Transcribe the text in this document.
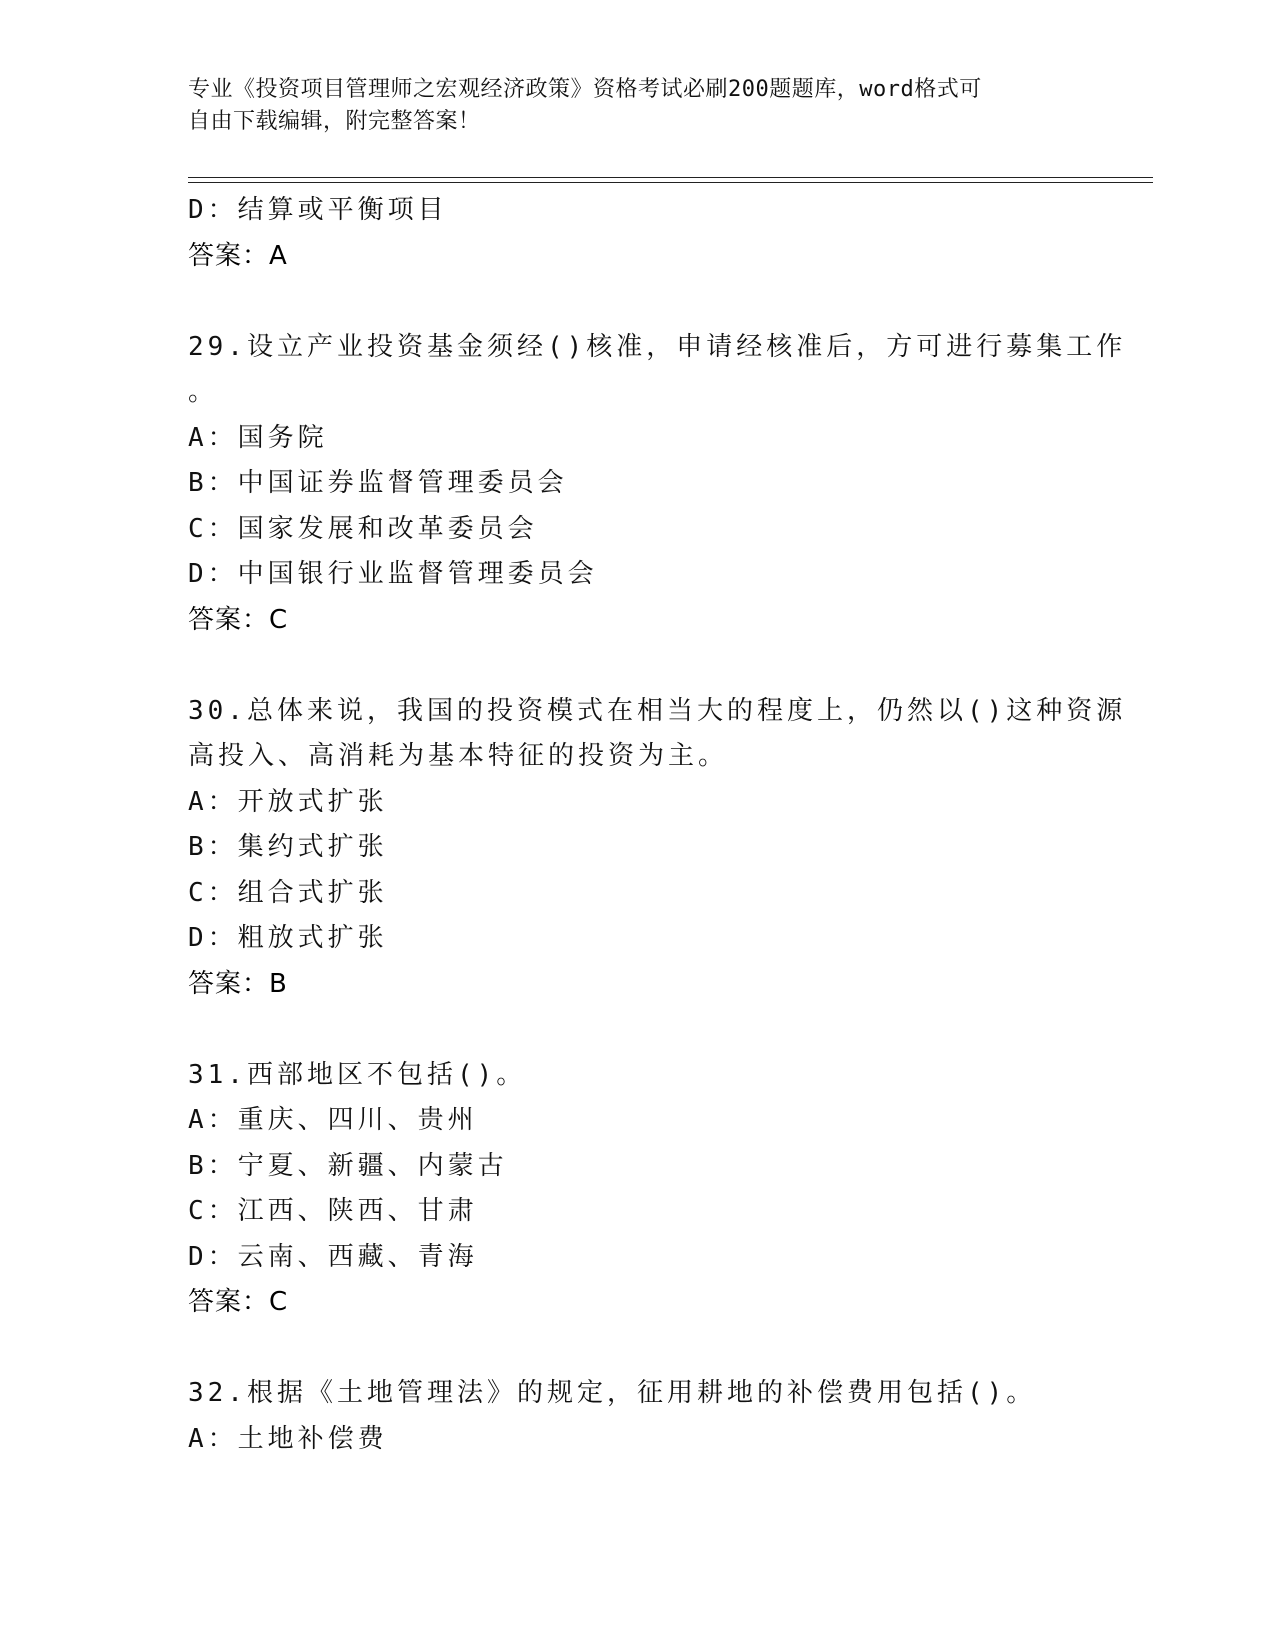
专业《投资项目管理师之宏观经济政策》资格考试必刷200题题库，word格式可
自由下载编辑，附完整答案！
D：结算或平衡项目
答案：A
29.设立产业投资基金须经()核准，申请经核准后，方可进行募集工作
。
A：国务院
B：中国证券监督管理委员会
C：国家发展和改革委员会
D：中国银行业监督管理委员会
答案：C
30.总体来说，我国的投资模式在相当大的程度上，仍然以()这种资源
高投入、高消耗为基本特征的投资为主。
A：开放式扩张
B：集约式扩张
C：组合式扩张
D：粗放式扩张
答案：B
31.西部地区不包括()。
A：重庆、四川、贵州
B：宁夏、新疆、内蒙古
C：江西、陕西、甘肃
D：云南、西藏、青海
答案：C
32.根据《土地管理法》的规定，征用耕地的补偿费用包括()。
A：土地补偿费
